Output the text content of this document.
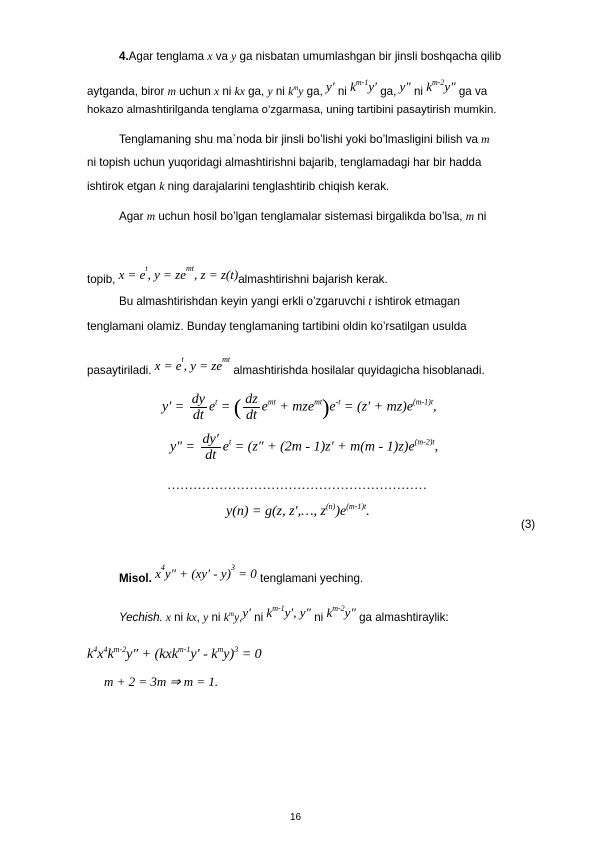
4.Agar tenglama x va y ga nisbatan umumlashgan bir jinsli boshqacha qilib
aytganda, biror m uchun x ni kx ga, y ni $k^my$ ga, y′ ni $k^{m-1}y'$ ga, y″ ni $k^{m-2}y''$ ga va
hokazo almashtirilganda tenglama o’zgarmasa, uning tartibini pasaytirish mumkin.
Tenglamaning shu ma`noda bir jinsli bo’lishi yoki bo’lmasligini bilish va m
ni topish uchun yuqoridagi almashtirishni bajarib, tenglamadagi har bir hadda
ishtirok etgan k ning darajalarini tenglashtirib chiqish kerak.
Agar m uchun hosil bo’lgan tenglamalar sistemasi birgalikda bo’lsa, m ni
topib, $x = e^t$, $y = ze^{mt}$, z = z(t)almashtirishni bajarish kerak.
Bu almashtirishdan keyin yangi erkli o’zgaruvchi t ishtirok etmagan
tenglamani olamiz. Bunday tenglamaning tartibini oldin ko’rsatilgan usulda
pasaytiriladi. $x = e^t$, $y = ze^{mt}$ almashtirishda hosilalar quyidagicha hisoblanadi.
$y' = \frac{dy}{dt} e^t$ = ( $\frac{dz}{dt} e^{mt} + mze^{mt})e^{-t} = (z' + mz)e^{(m-1)t}$,
$y'' = \frac{dy'}{dt} e^t = (z'' + (2m - 1)z' + m(m - 1)z)e^{(m-2)t}$,
……………………………………………………
y(n) = g(z, z′,…, $z^{(n)})e^{(m-1)t}$.
(3)
Misol. $x^4y'' + (xy' - y)^3 = 0$ tenglamani yeching.
Yechish. x ni kx, y ni $k^my,y'$ ni $k^{m-1}y'$, y″ ni $k^{m-2}y''$ ga almashtiraylik:
$k^4x^4k^{m-2}y'' + (kxk^{m-1}y' - k^my)^3 = 0$
m + 2 = 3m ⇒ m = 1.
16
